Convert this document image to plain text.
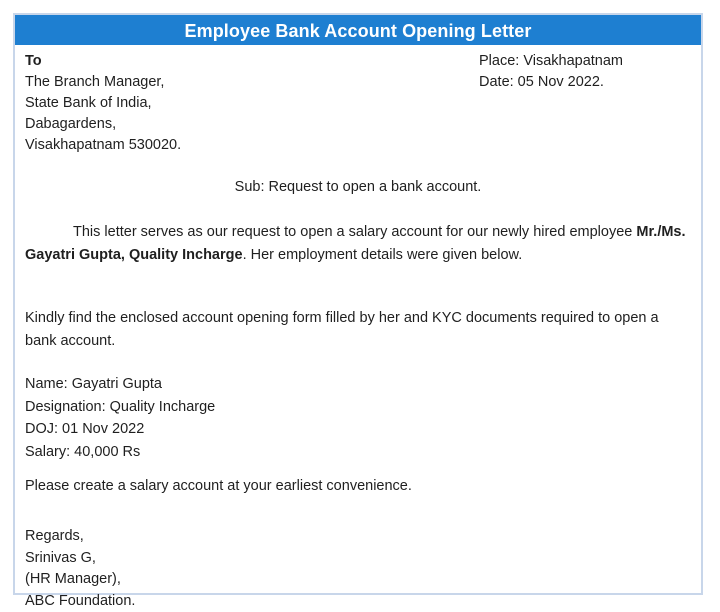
Employee Bank Account Opening Letter
To
The Branch Manager,
State Bank of India,
Dabagardens,
Visakhapatnam 530020.
Place: Visakhapatnam
Date: 05 Nov 2022.
Sub: Request to open a bank account.
This letter serves as our request to open a salary account for our newly hired employee Mr./Ms. Gayatri Gupta, Quality Incharge. Her employment details were given below.
Kindly find the enclosed account opening form filled by her and KYC documents required to open a bank account.
Name: Gayatri Gupta
Designation: Quality Incharge
DOJ: 01 Nov 2022
Salary: 40,000 Rs
Please create a salary account at your earliest convenience.
Regards,
Srinivas G,
(HR Manager),
ABC Foundation.
